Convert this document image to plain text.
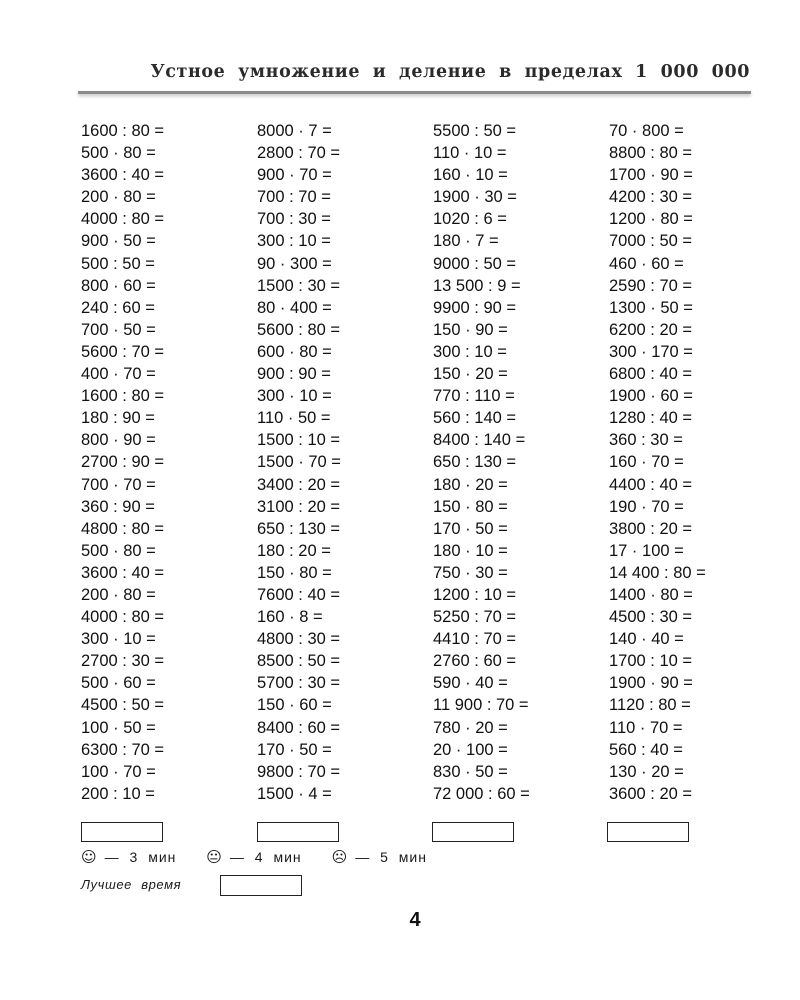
Устное умножение и деление в пределах 1 000 000
1600 : 80 =
500 · 80 =
3600 : 40 =
200 · 80 =
4000 : 80 =
900 · 50 =
500 : 50 =
800 · 60 =
240 : 60 =
700 · 50 =
5600 : 70 =
400 · 70 =
1600 : 80 =
180 : 90 =
800 · 90 =
2700 : 90 =
700 · 70 =
360 : 90 =
4800 : 80 =
500 · 80 =
3600 : 40 =
200 · 80 =
4000 : 80 =
300 · 10 =
2700 : 30 =
500 · 60 =
4500 : 50 =
100 · 50 =
6300 : 70 =
100 · 70 =
200 : 10 =
8000 · 7 =
2800 : 70 =
900 · 70 =
700 : 70 =
700 : 30 =
300 : 10 =
90 · 300 =
1500 : 30 =
80 · 400 =
5600 : 80 =
600 · 80 =
900 : 90 =
300 · 10 =
110 · 50 =
1500 : 10 =
1500 · 70 =
3400 : 20 =
3100 : 20 =
650 : 130 =
180 : 20 =
150 · 80 =
7600 : 40 =
160 · 8 =
4800 : 30 =
8500 : 50 =
5700 : 30 =
150 · 60 =
8400 : 60 =
170 · 50 =
9800 : 70 =
1500 · 4 =
5500 : 50 =
110 · 10 =
160 · 10 =
1900 · 30 =
1020 : 6 =
180 · 7 =
9000 : 50 =
13 500 : 9 =
9900 : 90 =
150 · 90 =
300 : 10 =
150 · 20 =
770 : 110 =
560 : 140 =
8400 : 140 =
650 : 130 =
180 · 20 =
150 · 80 =
170 · 50 =
180 · 10 =
750 · 30 =
1200 : 10 =
5250 : 70 =
4410 : 70 =
2760 : 60 =
590 · 40 =
11 900 : 70 =
780 · 20 =
20 · 100 =
830 · 50 =
72 000 : 60 =
70 · 800 =
8800 : 80 =
1700 · 90 =
4200 : 30 =
1200 · 80 =
7000 : 50 =
460 · 60 =
2590 : 70 =
1300 · 50 =
6200 : 20 =
300 · 170 =
6800 : 40 =
1900 · 60 =
1280 : 40 =
360 : 30 =
160 · 70 =
4400 : 40 =
190 · 70 =
3800 : 20 =
17 · 100 =
14 400 : 80 =
1400 · 80 =
4500 : 30 =
140 · 40 =
1700 : 10 =
1900 · 90 =
1120 : 80 =
110 · 70 =
560 : 40 =
130 · 20 =
3600 : 20 =
☺ — 3 мин 😐 — 4 мин ☹ — 5 мин
Лучшее время
4
